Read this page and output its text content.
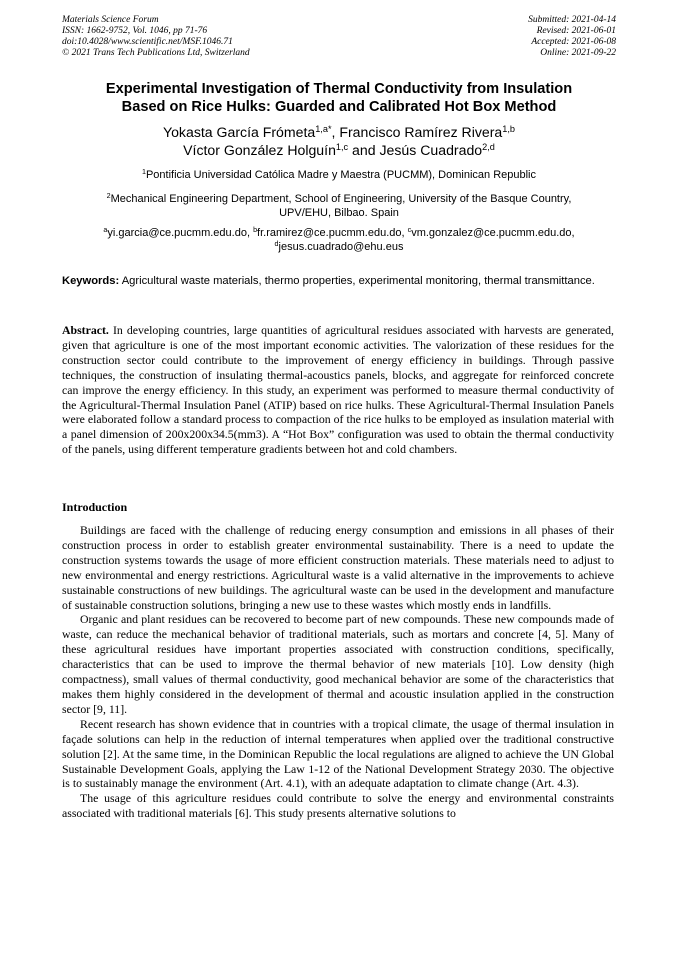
Materials Science Forum
ISSN: 1662-9752, Vol. 1046, pp 71-76
doi:10.4028/www.scientific.net/MSF.1046.71
© 2021 Trans Tech Publications Ltd, Switzerland
Submitted: 2021-04-14
Revised: 2021-06-01
Accepted: 2021-06-08
Online: 2021-09-22
Experimental Investigation of Thermal Conductivity from Insulation
Based on Rice Hulks: Guarded and Calibrated Hot Box Method
Yokasta García Frómeta$^{1,a*}$, Francisco Ramírez Rivera$^{1,b}$
Víctor González Holguín$^{1,c}$ and Jesús Cuadrado$^{2,d}$
$^1$Pontificia Universidad Católica Madre y Maestra (PUCMM), Dominican Republic
$^2$Mechanical Engineering Department, School of Engineering, University of the Basque Country,
UPV/EHU, Bilbao. Spain
$^a$yi.garcia@ce.pucmm.edu.do, $^b$fr.ramirez@ce.pucmm.edu.do, $^c$vm.gonzalez@ce.pucmm.edu.do,
$^d$jesus.cuadrado@ehu.eus
Keywords: Agricultural waste materials, thermo properties, experimental monitoring, thermal transmittance.

Abstract. In developing countries, large quantities of agricultural residues associated with harvests are generated, given that agriculture is one of the most important economic activities. The valorization of these residues for the construction sector could contribute to the improvement of energy efficiency in buildings. Through passive techniques, the construction of insulating thermal-acoustics panels, blocks, and aggregate for reinforced concrete can improve the energy efficiency. In this study, an experiment was performed to measure thermal conductivity of the Agricultural-Thermal Insulation Panel (ATIP) based on rice hulks. These Agricultural-Thermal Insulation Panels were elaborated follow a standard process to compaction of the rice hulks to be employed as insulation material with a panel dimension of 200x200x34.5(mm3). A “Hot Box” configuration was used to obtain the thermal conductivity of the panels, using different temperature gradients between hot and cold chambers.

Introduction

Buildings are faced with the challenge of reducing energy consumption and emissions in all phases of their construction process in order to establish greater environmental sustainability. There is a need to update the construction systems towards the usage of more efficient construction materials. These materials need to adjust to new environmental and energy restrictions. Agricultural waste is a valid alternative in the improvements to achieve sustainable constructions of new buildings. The agricultural waste can be used in the development and manufacture of sustainable construction solutions, bringing a new use to these wastes which mostly ends in landfills.

Organic and plant residues can be recovered to become part of new compounds. These new compounds made of waste, can reduce the mechanical behavior of traditional materials, such as mortars and concrete [4, 5]. Many of these agricultural residues have important properties associated with construction conditions, specifically, characteristics that can be used to improve the thermal behavior of new materials [10]. Low density (high compactness), small values of thermal conductivity, good mechanical behavior are some of the characteristics that makes them highly considered in the development of thermal and acoustic insulation applied in the construction sector [9, 11].

Recent research has shown evidence that in countries with a tropical climate, the usage of thermal insulation in façade solutions can help in the reduction of internal temperatures when applied over the traditional constructive solution [2]. At the same time, in the Dominican Republic the local regulations are aligned to achieve the UN Global Sustainable Development Goals, applying the Law 1-12 of the National Development Strategy 2030. The objective is to sustainably manage the environment (Art. 4.1), with an adequate adaptation to climate change (Art. 4.3).

The usage of this agriculture residues could contribute to solve the energy and environmental constraints associated with traditional materials [6]. This study presents alternative solutions to
